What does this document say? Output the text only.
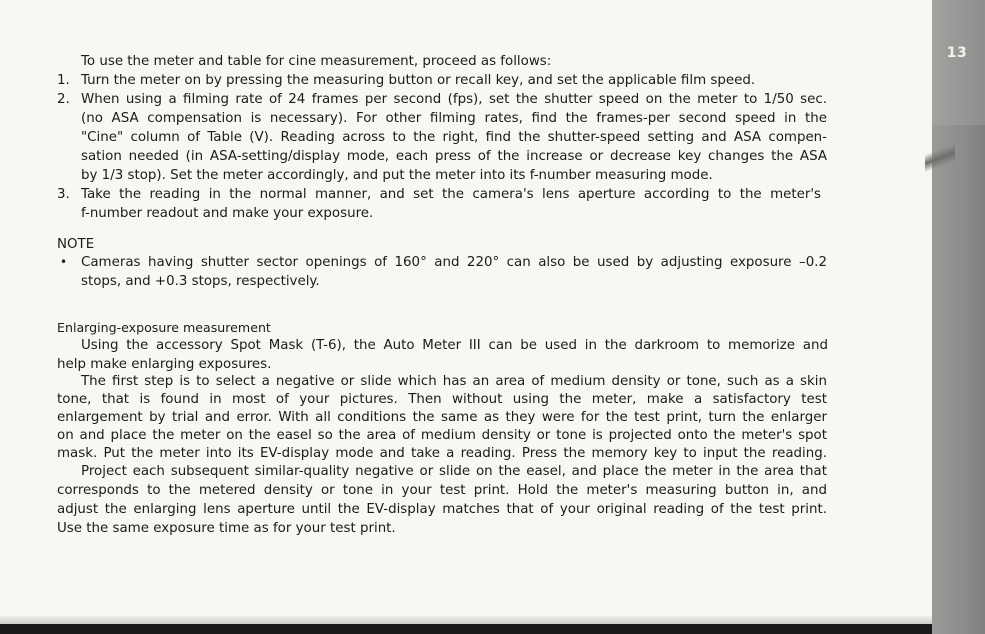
13
To use the meter and table for cine measurement, proceed as follows:
1. Turn the meter on by pressing the measuring button or recall key, and set the applicable film speed.
2. When using a filming rate of 24 frames per second (fps), set the shutter speed on the meter to 1/50 sec.
(no ASA compensation is necessary). For other filming rates, find the frames-per second speed in the
"Cine" column of Table (V). Reading across to the right, find the shutter-speed setting and ASA compen-
sation needed (in ASA-setting/display mode, each press of the increase or decrease key changes the ASA
by 1/3 stop). Set the meter accordingly, and put the meter into its f-number measuring mode.
3. Take the reading in the normal manner, and set the camera's lens aperture according to the meter's
f-number readout and make your exposure.
NOTE
• Cameras having shutter sector openings of 160° and 220° can also be used by adjusting exposure –0.2
stops, and +0.3 stops, respectively.
Enlarging-exposure measurement
Using the accessory Spot Mask (T-6), the Auto Meter III can be used in the darkroom to memorize and
help make enlarging exposures.
The first step is to select a negative or slide which has an area of medium density or tone, such as a skin
tone, that is found in most of your pictures. Then without using the meter, make a satisfactory test
enlargement by trial and error. With all conditions the same as they were for the test print, turn the enlarger
on and place the meter on the easel so the area of medium density or tone is projected onto the meter's spot
mask. Put the meter into its EV-display mode and take a reading. Press the memory key to input the reading.
Project each subsequent similar-quality negative or slide on the easel, and place the meter in the area that
corresponds to the metered density or tone in your test print. Hold the meter's measuring button in, and
adjust the enlarging lens aperture until the EV-display matches that of your original reading of the test print.
Use the same exposure time as for your test print.
